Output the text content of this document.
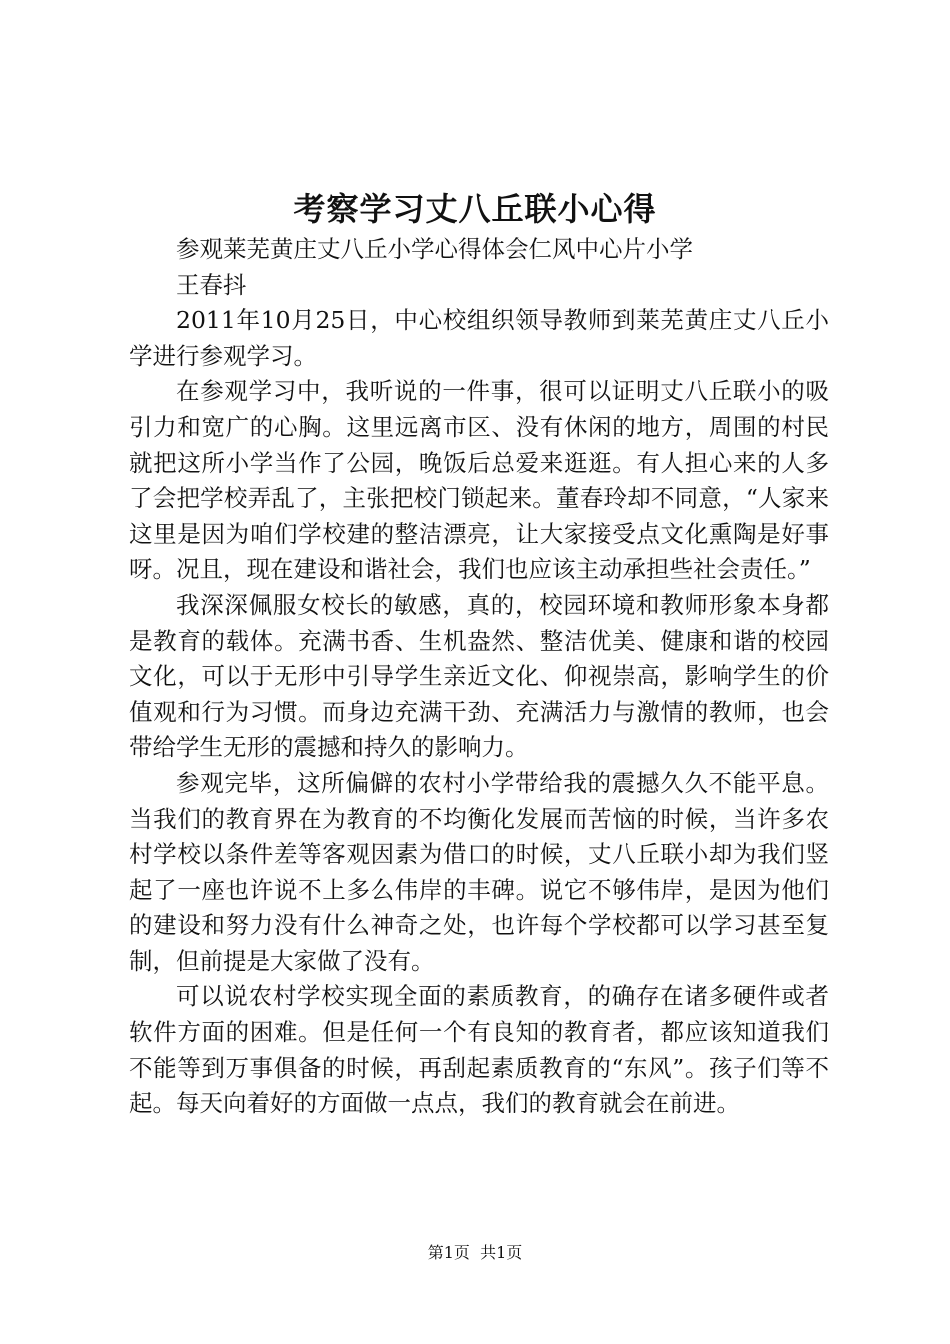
考察学习丈八丘联小心得
参观莱芜黄庄丈八丘小学心得体会仁风中心片小学
王春抖

2011年10月25日，中心校组织领导教师到莱芜黄庄丈八丘小学进行参观学习。

在参观学习中，我听说的一件事，很可以证明丈八丘联小的吸引力和宽广的心胸。这里远离市区、没有休闲的地方，周围的村民就把这所小学当作了公园，晚饭后总爱来逛逛。有人担心来的人多了会把学校弄乱了，主张把校门锁起来。董春玲却不同意，“人家来这里是因为咱们学校建的整洁漂亮，让大家接受点文化熏陶是好事呀。况且，现在建设和谐社会，我们也应该主动承担些社会责任。”

我深深佩服女校长的敏感，真的，校园环境和教师形象本身都是教育的载体。充满书香、生机盎然、整洁优美、健康和谐的校园文化，可以于无形中引导学生亲近文化、仰视崇高，影响学生的价值观和行为习惯。而身边充满干劲、充满活力与激情的教师，也会带给学生无形的震撼和持久的影响力。

参观完毕，这所偏僻的农村小学带给我的震撼久久不能平息。当我们的教育界在为教育的不均衡化发展而苦恼的时候，当许多农村学校以条件差等客观因素为借口的时候，丈八丘联小却为我们竖起了一座也许说不上多么伟岸的丰碑。说它不够伟岸，是因为他们的建设和努力没有什么神奇之处，也许每个学校都可以学习甚至复制，但前提是大家做了没有。

可以说农村学校实现全面的素质教育，的确存在诸多硬件或者软件方面的困难。但是任何一个有良知的教育者，都应该知道我们不能等到万事俱备的时候，再刮起素质教育的“东风”。孩子们等不起。每天向着好的方面做一点点，我们的教育就会在前进。

第1页 共1页
